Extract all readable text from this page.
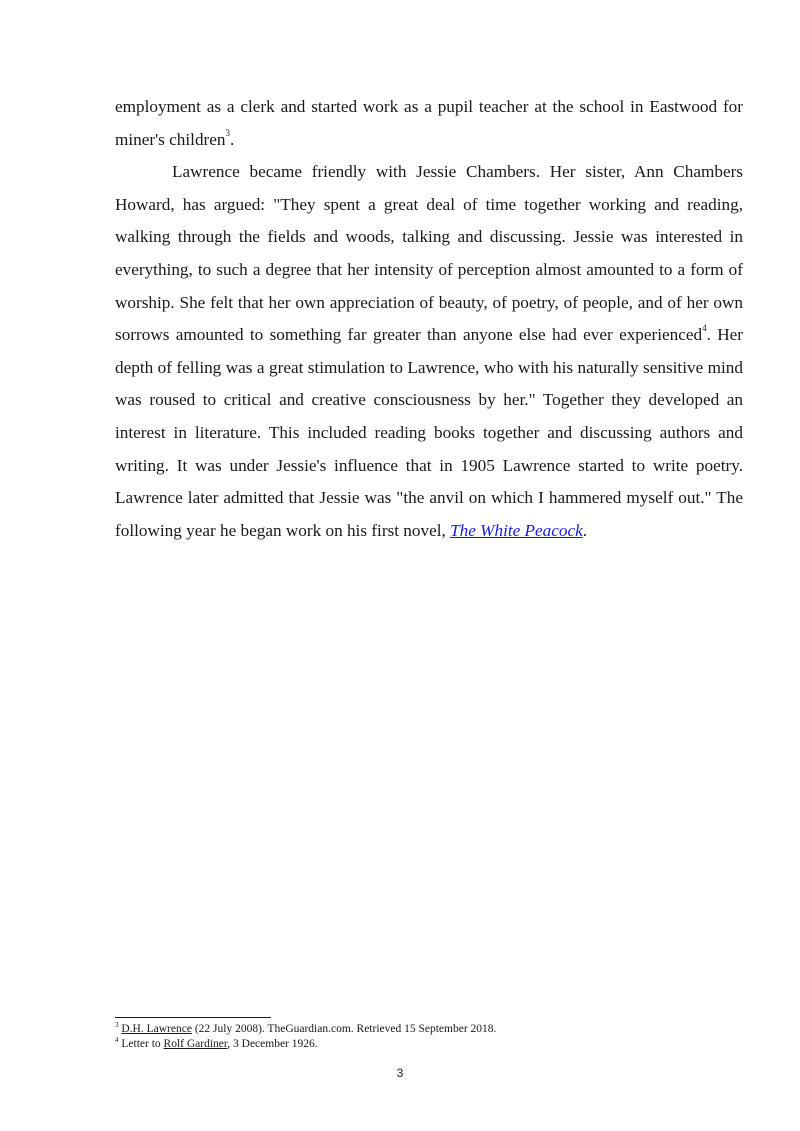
employment as a clerk and started work as a pupil teacher at the school in Eastwood for miner's children$^3$.

Lawrence became friendly with Jessie Chambers. Her sister, Ann Chambers Howard, has argued: "They spent a great deal of time together working and reading, walking through the fields and woods, talking and discussing. Jessie was interested in everything, to such a degree that her intensity of perception almost amounted to a form of worship. She felt that her own appreciation of beauty, of poetry, of people, and of her own sorrows amounted to something far greater than anyone else had ever experienced$^4$. Her depth of felling was a great stimulation to Lawrence, who with his naturally sensitive mind was roused to critical and creative consciousness by her." Together they developed an interest in literature. This included reading books together and discussing authors and writing. It was under Jessie's influence that in 1905 Lawrence started to write poetry. Lawrence later admitted that Jessie was "the anvil on which I hammered myself out." The following year he began work on his first novel, The White Peacock.

$^3$ D.H. Lawrence (22 July 2008). TheGuardian.com. Retrieved 15 September 2018.

$^4$ Letter to Rolf Gardiner, 3 December 1926.

3
